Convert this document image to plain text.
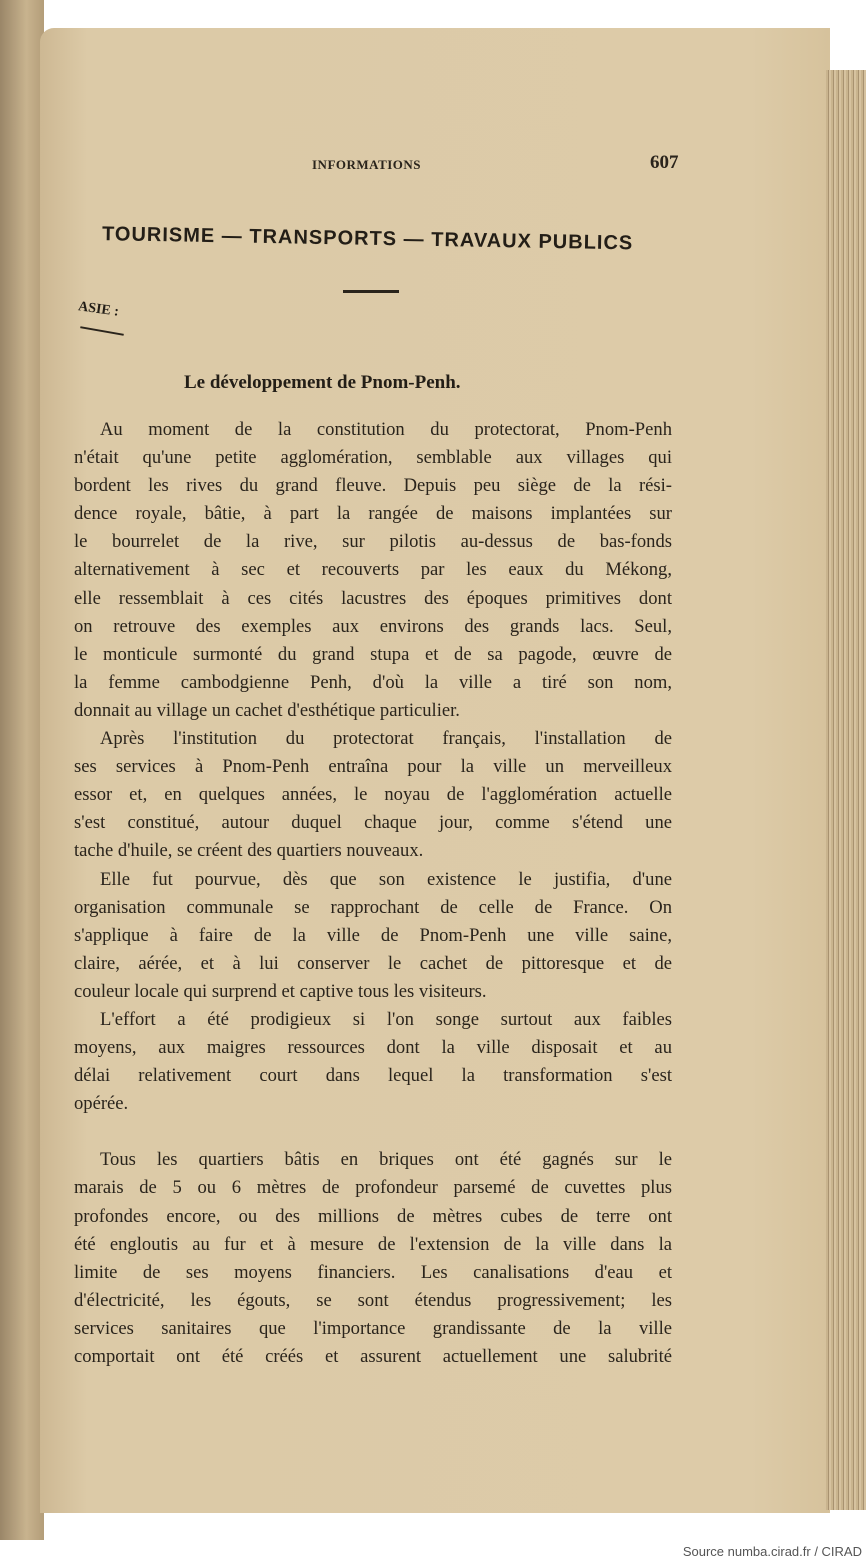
INFORMATIONS	607
TOURISME — TRANSPORTS — TRAVAUX PUBLICS
ASIE :
Le développement de Pnom-Penh.
Au moment de la constitution du protectorat, Pnom-Penh
n'était qu'une petite agglomération, semblable aux villages qui
bordent les rives du grand fleuve. Depuis peu siège de la rési-
dence royale, bâtie, à part la rangée de maisons implantées sur
le bourrelet de la rive, sur pilotis au-dessus de bas-fonds
alternativement à sec et recouverts par les eaux du Mékong,
elle ressemblait à ces cités lacustres des époques primitives dont
on retrouve des exemples aux environs des grands lacs. Seul,
le monticule surmonté du grand stupa et de sa pagode, œuvre de
la femme cambodgienne Penh, d'où la ville a tiré son nom,
donnait au village un cachet d'esthétique particulier.
Après l'institution du protectorat français, l'installation de
ses services à Pnom-Penh entraîna pour la ville un merveilleux
essor et, en quelques années, le noyau de l'agglomération actuelle
s'est constitué, autour duquel chaque jour, comme s'étend une
tache d'huile, se créent des quartiers nouveaux.
Elle fut pourvue, dès que son existence le justifia, d'une
organisation communale se rapprochant de celle de France. On
s'applique à faire de la ville de Pnom-Penh une ville saine,
claire, aérée, et à lui conserver le cachet de pittoresque et de
couleur locale qui surprend et captive tous les visiteurs.
L'effort a été prodigieux si l'on songe surtout aux faibles
moyens, aux maigres ressources dont la ville disposait et au
délai relativement court dans lequel la transformation s'est
opérée.
Tous les quartiers bâtis en briques ont été gagnés sur le
marais de 5 ou 6 mètres de profondeur parsemé de cuvettes plus
profondes encore, ou des millions de mètres cubes de terre ont
été engloutis au fur et à mesure de l'extension de la ville dans la
limite de ses moyens financiers. Les canalisations d'eau et
d'électricité, les égouts, se sont étendus progressivement; les
services sanitaires que l'importance grandissante de la ville
comportait ont été créés et assurent actuellement une salubrité
Source numba.cirad.fr / CIRAD
